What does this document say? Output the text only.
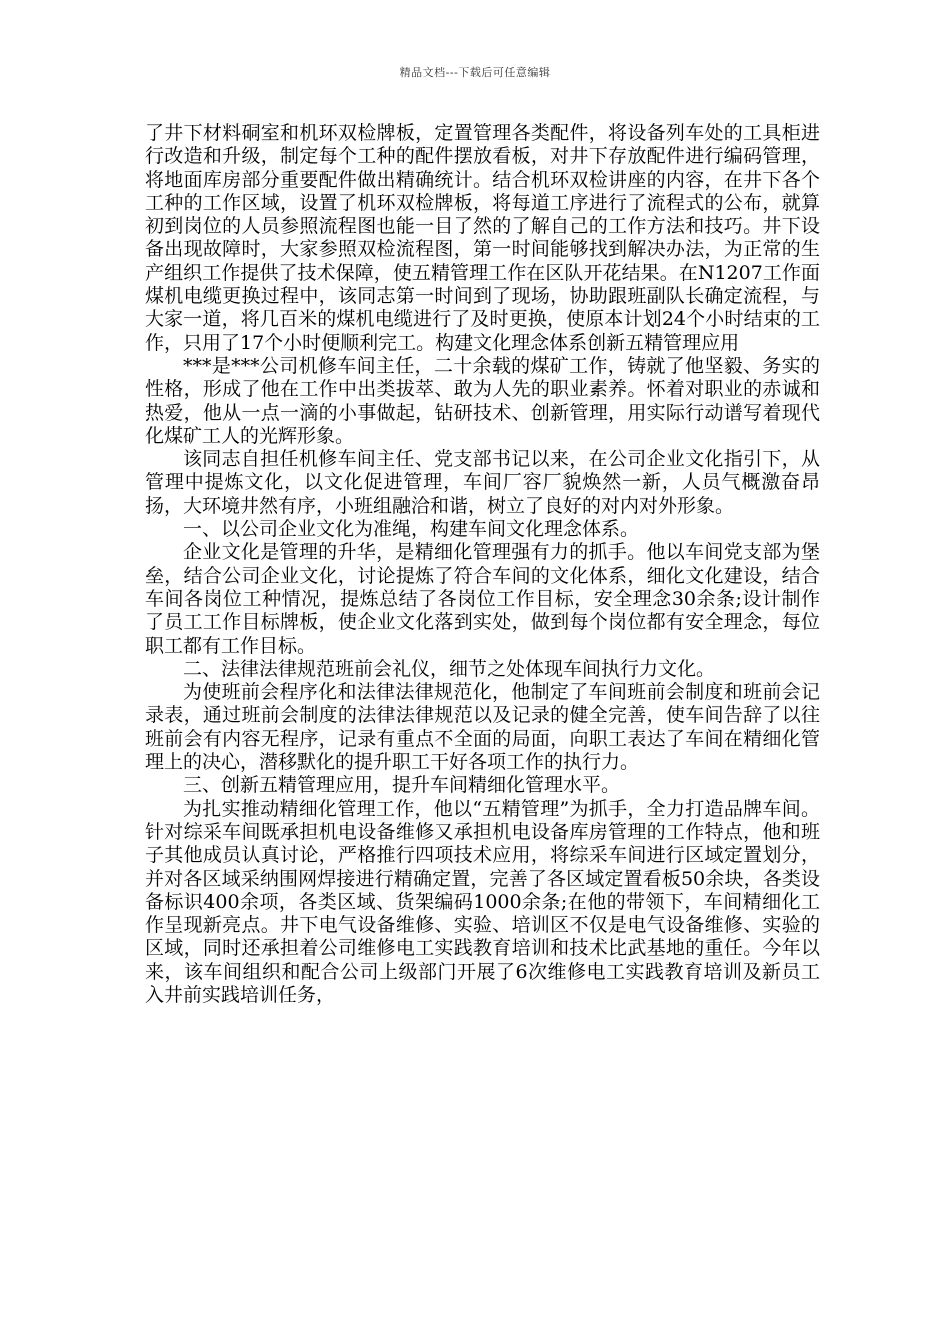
精品文档---下载后可任意编辑

了井下材料硐室和机环双检牌板，定置管理各类配件，将设备列车处的工具柜进行改造和升级，制定每个工种的配件摆放看板，对井下存放配件进行编码管理，将地面库房部分重要配件做出精确统计。结合机环双检讲座的内容，在井下各个工种的工作区域，设置了机环双检牌板，将每道工序进行了流程式的公布，就算初到岗位的人员参照流程图也能一目了然的了解自己的工作方法和技巧。井下设备出现故障时，大家参照双检流程图，第一时间能够找到解决办法，为正常的生产组织工作提供了技术保障，使五精管理工作在区队开花结果。在N1207工作面煤机电缆更换过程中，该同志第一时间到了现场，协助跟班副队长确定流程，与大家一道，将几百米的煤机电缆进行了及时更换，使原本计划24个小时结束的工作，只用了17个小时便顺利完工。构建文化理念体系创新五精管理应用

***是***公司机修车间主任，二十余载的煤矿工作，铸就了他坚毅、务实的性格，形成了他在工作中出类拔萃、敢为人先的职业素养。怀着对职业的赤诚和热爱，他从一点一滴的小事做起，钻研技术、创新管理，用实际行动谱写着现代化煤矿工人的光辉形象。

该同志自担任机修车间主任、党支部书记以来，在公司企业文化指引下，从管理中提炼文化，以文化促进管理，车间厂容厂貌焕然一新，人员气概激奋昂扬，大环境井然有序，小班组融洽和谐，树立了良好的对内对外形象。

一、以公司企业文化为准绳，构建车间文化理念体系。

企业文化是管理的升华，是精细化管理强有力的抓手。他以车间党支部为堡垒，结合公司企业文化，讨论提炼了符合车间的文化体系，细化文化建设，结合车间各岗位工种情况，提炼总结了各岗位工作目标，安全理念30余条;设计制作了员工工作目标牌板，使企业文化落到实处，做到每个岗位都有安全理念，每位职工都有工作目标。

二、法律法律规范班前会礼仪，细节之处体现车间执行力文化。

为使班前会程序化和法律法律规范化，他制定了车间班前会制度和班前会记录表，通过班前会制度的法律法律规范以及记录的健全完善，使车间告辞了以往班前会有内容无程序，记录有重点不全面的局面，向职工表达了车间在精细化管理上的决心，潜移默化的提升职工干好各项工作的执行力。

三、创新五精管理应用，提升车间精细化管理水平。

为扎实推动精细化管理工作，他以“五精管理”为抓手，全力打造品牌车间。针对综采车间既承担机电设备维修又承担机电设备库房管理的工作特点，他和班子其他成员认真讨论，严格推行四项技术应用，将综采车间进行区域定置划分，并对各区域采纳围网焊接进行精确定置，完善了各区域定置看板50余块，各类设备标识400余项，各类区域、货架编码1000余条;在他的带领下，车间精细化工作呈现新亮点。井下电气设备维修、实验、培训区不仅是电气设备维修、实验的区域，同时还承担着公司维修电工实践教育培训和技术比武基地的重任。今年以来，该车间组织和配合公司上级部门开展了6次维修电工实践教育培训及新员工入井前实践培训任务，
